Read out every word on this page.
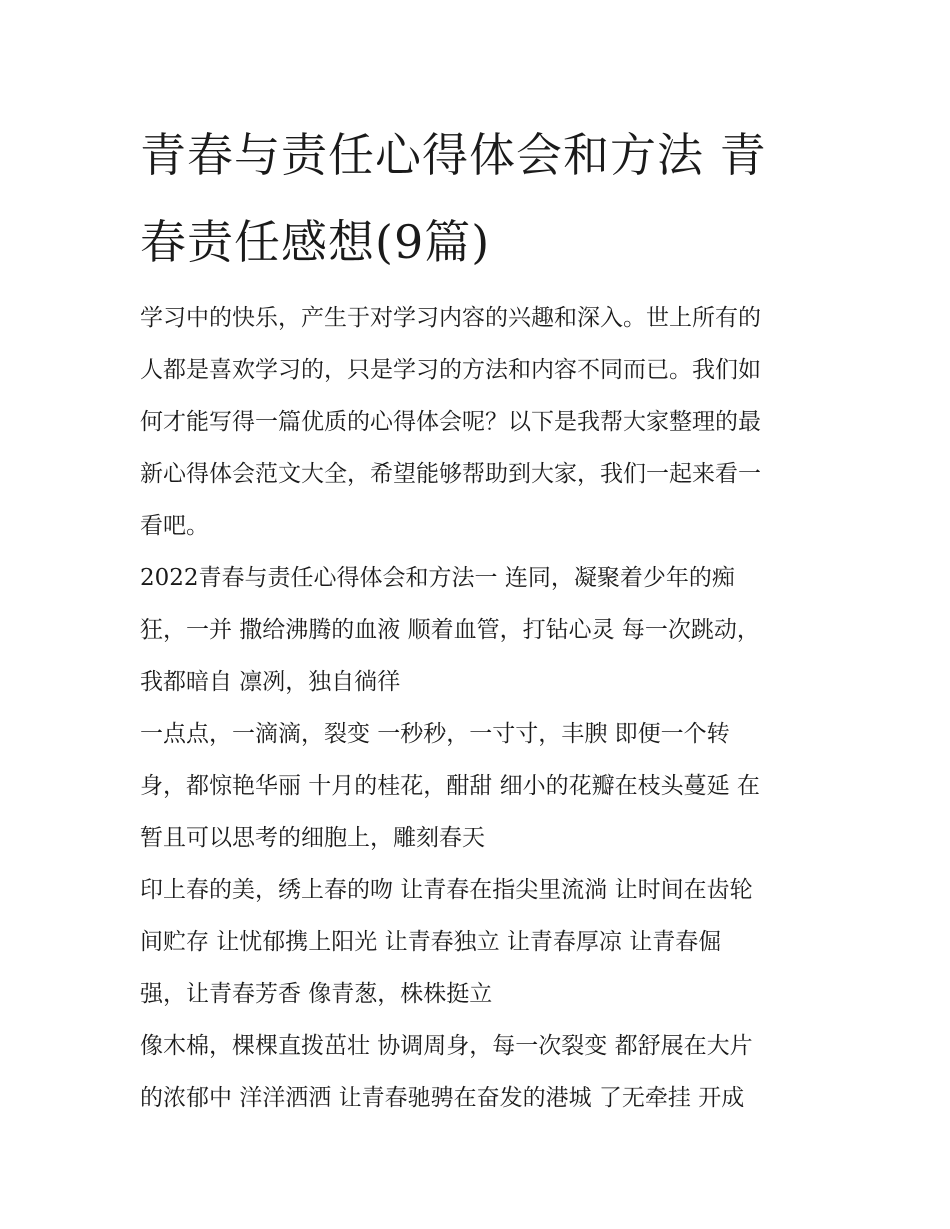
青春与责任心得体会和方法 青
春责任感想(9篇)
学习中的快乐，产生于对学习内容的兴趣和深入。世上所有的
人都是喜欢学习的，只是学习的方法和内容不同而已。我们如
何才能写得一篇优质的心得体会呢？以下是我帮大家整理的最
新心得体会范文大全，希望能够帮助到大家，我们一起来看一
看吧。
2022青春与责任心得体会和方法一 连同，凝聚着少年的痴
狂，一并 撒给沸腾的血液 顺着血管，打钻心灵 每一次跳动，
我都暗自 凛冽，独自徜徉
一点点，一滴滴，裂变 一秒秒，一寸寸，丰腴 即便一个转
身，都惊艳华丽 十月的桂花，酣甜 细小的花瓣在枝头蔓延 在
暂且可以思考的细胞上，雕刻春天
印上春的美，绣上春的吻 让青春在指尖里流淌 让时间在齿轮
间贮存 让忧郁携上阳光 让青春独立 让青春厚凉 让青春倔
强，让青春芳香 像青葱，株株挺立
像木棉，棵棵直拨茁壮 协调周身，每一次裂变 都舒展在大片
的浓郁中 洋洋洒洒 让青春驰骋在奋发的港城 了无牵挂 开成
